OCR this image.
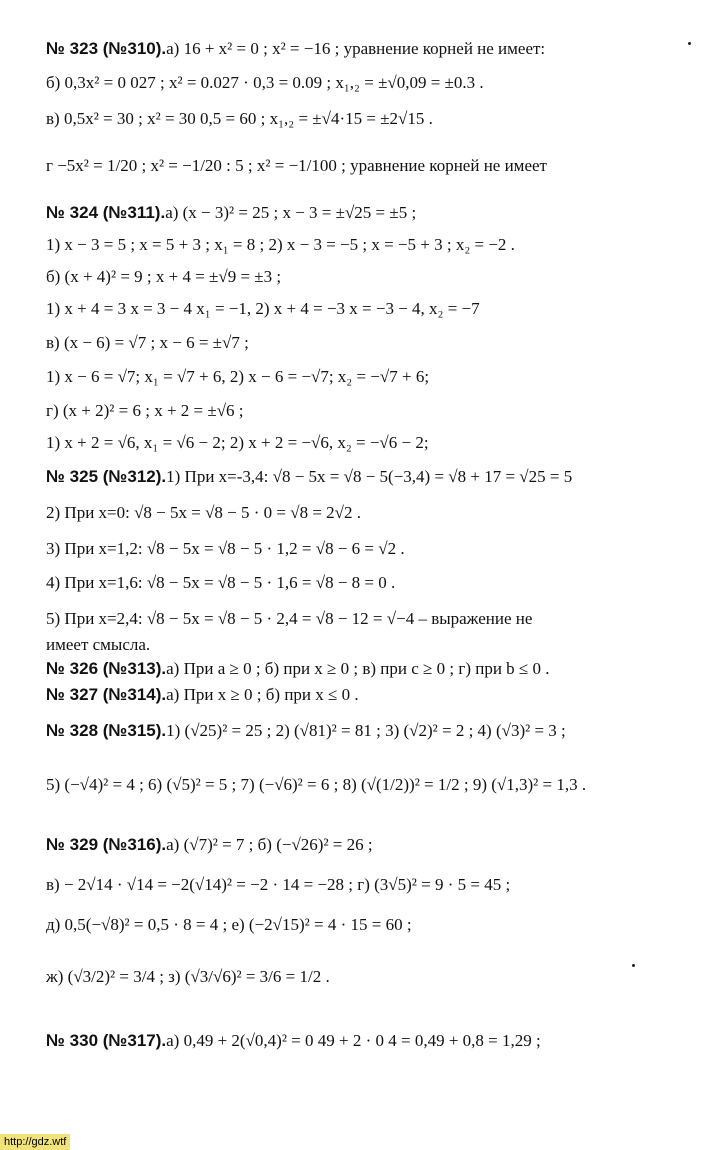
№ 323 (№310).а) 16 + x² = 0 ; x² = −16 ; уравнение корней не имеет:
б) 0,3x² = 0 027 ; x² = 0.027 · 0,3 = 0.09 ; x₁,₂ = ±√0,09 = ±0.3 .
в) 0,5x² = 30 ; x² = 30 0,5 = 60 ; x₁,₂ = ±√4·15 = ±2√15 .
г −5x² = 1/20 ; x² = −1/20 : 5 ; x² = −1/100 ; уравнение корней не имеет
№ 324 (№311).а) (x − 3)² = 25 ; x − 3 = ±√25 = ±5 ;
1) x − 3 = 5 ; x = 5 + 3 ; x₁ = 8 ; 2) x − 3 = −5 ; x = −5 + 3 ; x₂ = −2 .
б) (x + 4)² = 9 ; x + 4 = ±√9 = ±3 ;
1) x + 4 = 3 x = 3 − 4 x₁ = −1, 2) x + 4 = −3 x = −3 − 4, x₂ = −7
в) (x − 6) = √7 ; x − 6 = ±√7 ;
1) x − 6 = √7; x₁ = √7 + 6, 2) x − 6 = −√7; x₂ = −√7 + 6;
г) (x + 2)² = 6 ; x + 2 = ±√6 ;
1) x + 2 = √6, x₁ = √6 − 2; 2) x + 2 = −√6, x₂ = −√6 − 2;
№ 325 (№312).1) При x=-3,4: √8 − 5x = √8 − 5(−3,4) = √8 + 17 = √25 = 5
2) При x=0: √8 − 5x = √8 − 5 · 0 = √8 = 2√2 .
3) При x=1,2: √8 − 5x = √8 − 5 · 1,2 = √8 − 6 = √2 .
4) При x=1,6: √8 − 5x = √8 − 5 · 1,6 = √8 − 8 = 0 .
5) При x=2,4: √8 − 5x = √8 − 5 · 2,4 = √8 − 12 = √−4 – выражение не
имеет смысла.
№ 326 (№313).а) При a ≥ 0 ; б) при x ≥ 0 ; в) при c ≥ 0 ; г) при b ≤ 0 .
№ 327 (№314).а) При x ≥ 0 ; б) при x ≤ 0 .
№ 328 (№315).1) (√25)² = 25 ; 2) (√81)² = 81 ; 3) (√2)² = 2 ; 4) (√3)² = 3 ;
5) (−√4)² = 4 ; 6) (√5)² = 5 ; 7) (−√6)² = 6 ; 8) (√(1/2))² = 1/2 ; 9) (√1,3)² = 1,3 .
№ 329 (№316).а) (√7)² = 7 ; б) (−√26)² = 26 ;
в) − 2√14 · √14 = −2(√14)² = −2 · 14 = −28 ; г) (3√5)² = 9 · 5 = 45 ;
д) 0,5(−√8)² = 0,5 · 8 = 4 ; е) (−2√15)² = 4 · 15 = 60 ;
ж) (√3/2)² = 3/4 ; з) (√3/√6)² = 3/6 = 1/2 .
№ 330 (№317).а) 0,49 + 2(√0,4)² = 0 49 + 2 · 0 4 = 0,49 + 0,8 = 1,29 ;
http://gdz.wtf
